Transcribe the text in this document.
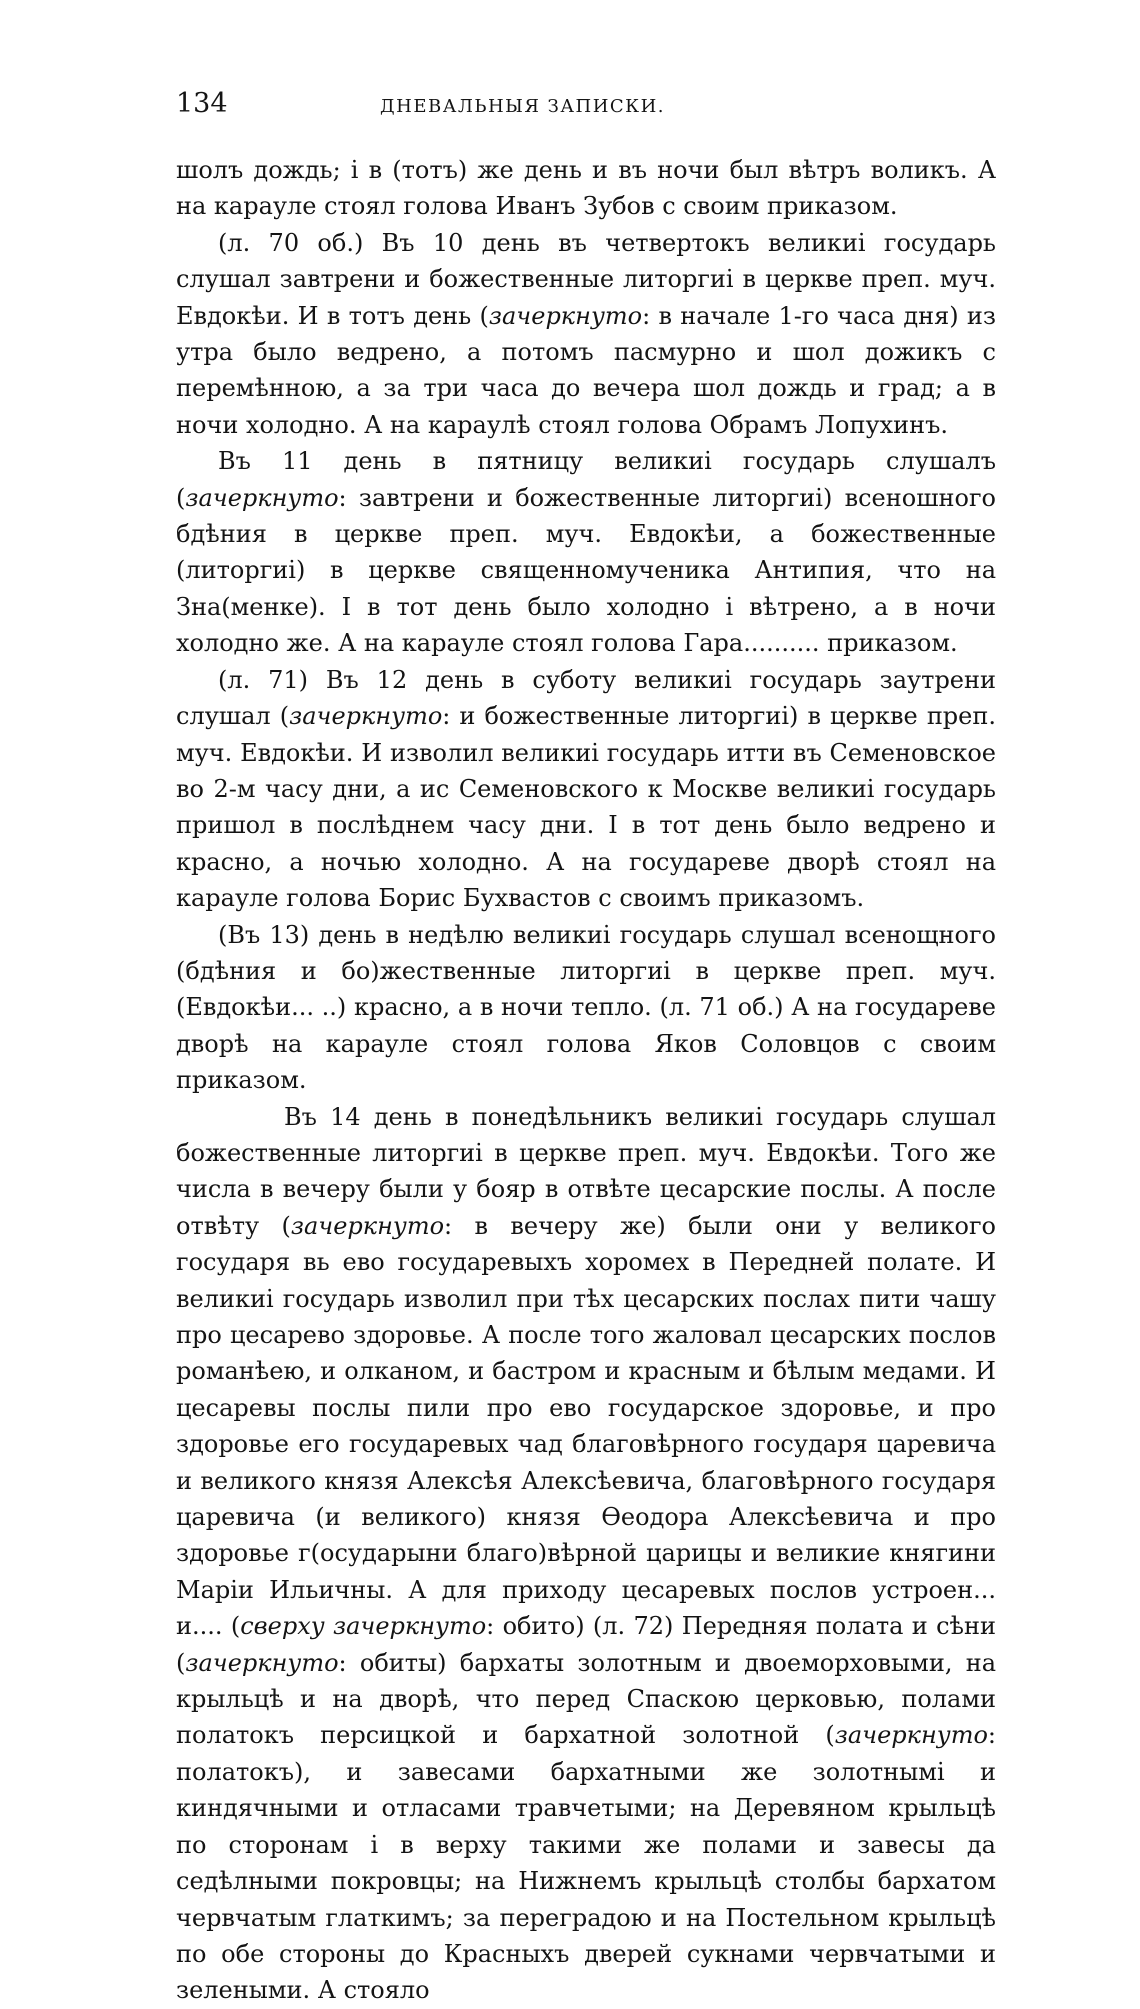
134	ДНЕВАЛЬНЫЯ ЗАПИСКИ.

шолъ дождь; і в (тотъ) же день и въ ночи был вѣтръ воликъ. А на карауле стоял голова Иванъ Зубов с своим приказом.

(л. 70 об.) Въ 10 день въ четвертокъ великиі государь слушал завтрени и божественные литоргиі в церкве преп. муч. Евдокѣи. И в тотъ день (зачеркнуто: в начале 1-го часа дня) из утра было ведрено, а потомъ пасмурно и шол дожикъ с перемѣнною, а за три часа до вечера шол дождь и град; а в ночи холодно. А на караулѣ стоял голова Обрамъ Лопухинъ.

Въ 11 день в пятницу великиі государь слушалъ (зачеркнуто: завтрени и божественные литоргиі) всеношного бдѣния в церкве преп. муч. Евдокѣи, а божественные (литоргиі) в церкве священномученика Антипия, что на Зна(менке). І в тот день было холодно і вѣтрено, а в ночи холодно же. А на карауле стоял голова Гара.......... приказом.

(л. 71) Въ 12 день в суботу великиі государь заутрени слушал (зачеркнуто: и божественные литоргиі) в церкве преп. муч. Евдокѣи. И изволил великиі государь итти въ Семеновское во 2-м часу дни, а ис Семеновского к Москве великиі государь пришол в послѣднем часу дни. І в тот день было ведрено и красно, а ночью холодно. А на государеве дворѣ стоял на карауле голова Борис Бухвастов с своимъ приказомъ.

(Въ 13) день в недѣлю великиі государь слушал всенощного (бдѣния и бо)жественные литоргиі в церкве преп. муч. (Евдокѣи... ..) красно, а в ночи тепло. (л. 71 об.) А на государеве дворѣ на карауле стоял голова Яков Соловцов с своим приказом.

Въ 14 день в понедѣльникъ великиі государь слушал божественные литоргиі в церкве преп. муч. Евдокѣи. Того же числа в вечеру были у бояр в отвѣте цесарские послы. А после отвѣту (зачеркнуто: в вечеру же) были они у великого государя вь ево государевыхъ хоромех в Передней полате. И великиі государь изволил при тѣх цесарских послах пити чашу про цесарево здоровье. А после того жаловал цесарских послов романѣею, и олканом, и бастром и красным и бѣлым медами. И цесаревы послы пили про ево государское здоровье, и про здоровье его государевых чад благовѣрного государя царевича и великого князя Алексѣя Алексѣевича, благовѣрного государя царевича (и великого) князя Ѳеодора Алексѣевича и про здоровье г(осударыни благо)вѣрной царицы и великие княгини Маріи Ильичны. А для приходу цесаревых послов устроен... и.... (сверху зачеркнуто: обито) (л. 72) Передняя полата и сѣни (зачеркнуто: обиты) бархаты золотным и двоеморховыми, на крыльцѣ и на дворѣ, что перед Спаскою церковью, полами полатокъ персицкой и бархатной золотной (зачеркнуто: полатокъ), и завесами бархатными же золотнымі и киндячными и отласами травчетыми; на Деревяном крыльцѣ по сторонам і в верху такими же полами и завесы да седѣлными покровцы; на Нижнемъ крыльцѣ столбы бархатом червчатым глаткимъ; за перегрaдою и на Постельном крыльцѣ по обе стороны до Красныхъ дверей сукнами червчатыми и зелеными. А стояло
